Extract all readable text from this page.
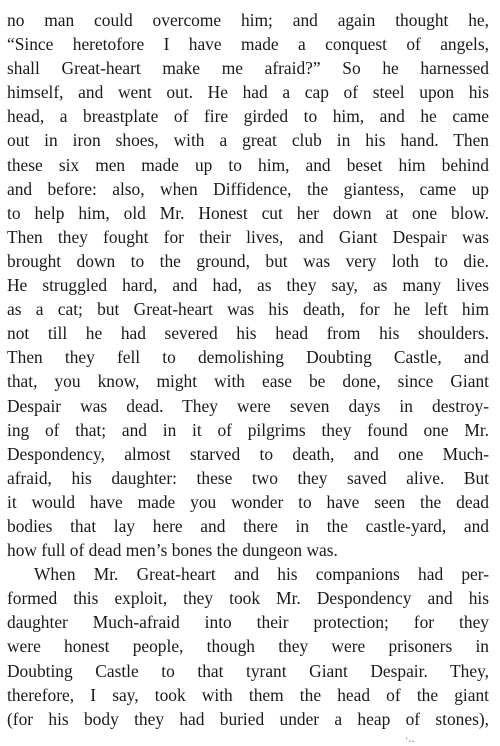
no man could overcome him; and again thought he,
“Since heretofore I have made a conquest of angels,
shall Great-heart make me afraid?” So he harnessed
himself, and went out. He had a cap of steel upon his
head, a breastplate of fire girded to him, and he came
out in iron shoes, with a great club in his hand. Then
these six men made up to him, and beset him behind
and before: also, when Diffidence, the giantess, came up
to help him, old Mr. Honest cut her down at one blow.
Then they fought for their lives, and Giant Despair was
brought down to the ground, but was very loth to die.
He struggled hard, and had, as they say, as many lives
as a cat; but Great-heart was his death, for he left him
not till he had severed his head from his shoulders.
Then they fell to demolishing Doubting Castle, and
that, you know, might with ease be done, since Giant
Despair was dead. They were seven days in destroy-
ing of that; and in it of pilgrims they found one Mr.
Despondency, almost starved to death, and one Much-
afraid, his daughter: these two they saved alive. But
it would have made you wonder to have seen the dead
bodies that lay here and there in the castle-yard, and
how full of dead men’s bones the dungeon was.
When Mr. Great-heart and his companions had per-
formed this exploit, they took Mr. Despondency and his
daughter Much-afraid into their protection; for they
were honest people, though they were prisoners in
Doubting Castle to that tyrant Giant Despair. They,
therefore, I say, took with them the head of the giant
(for his body they had buried under a heap of stones),
·‥
